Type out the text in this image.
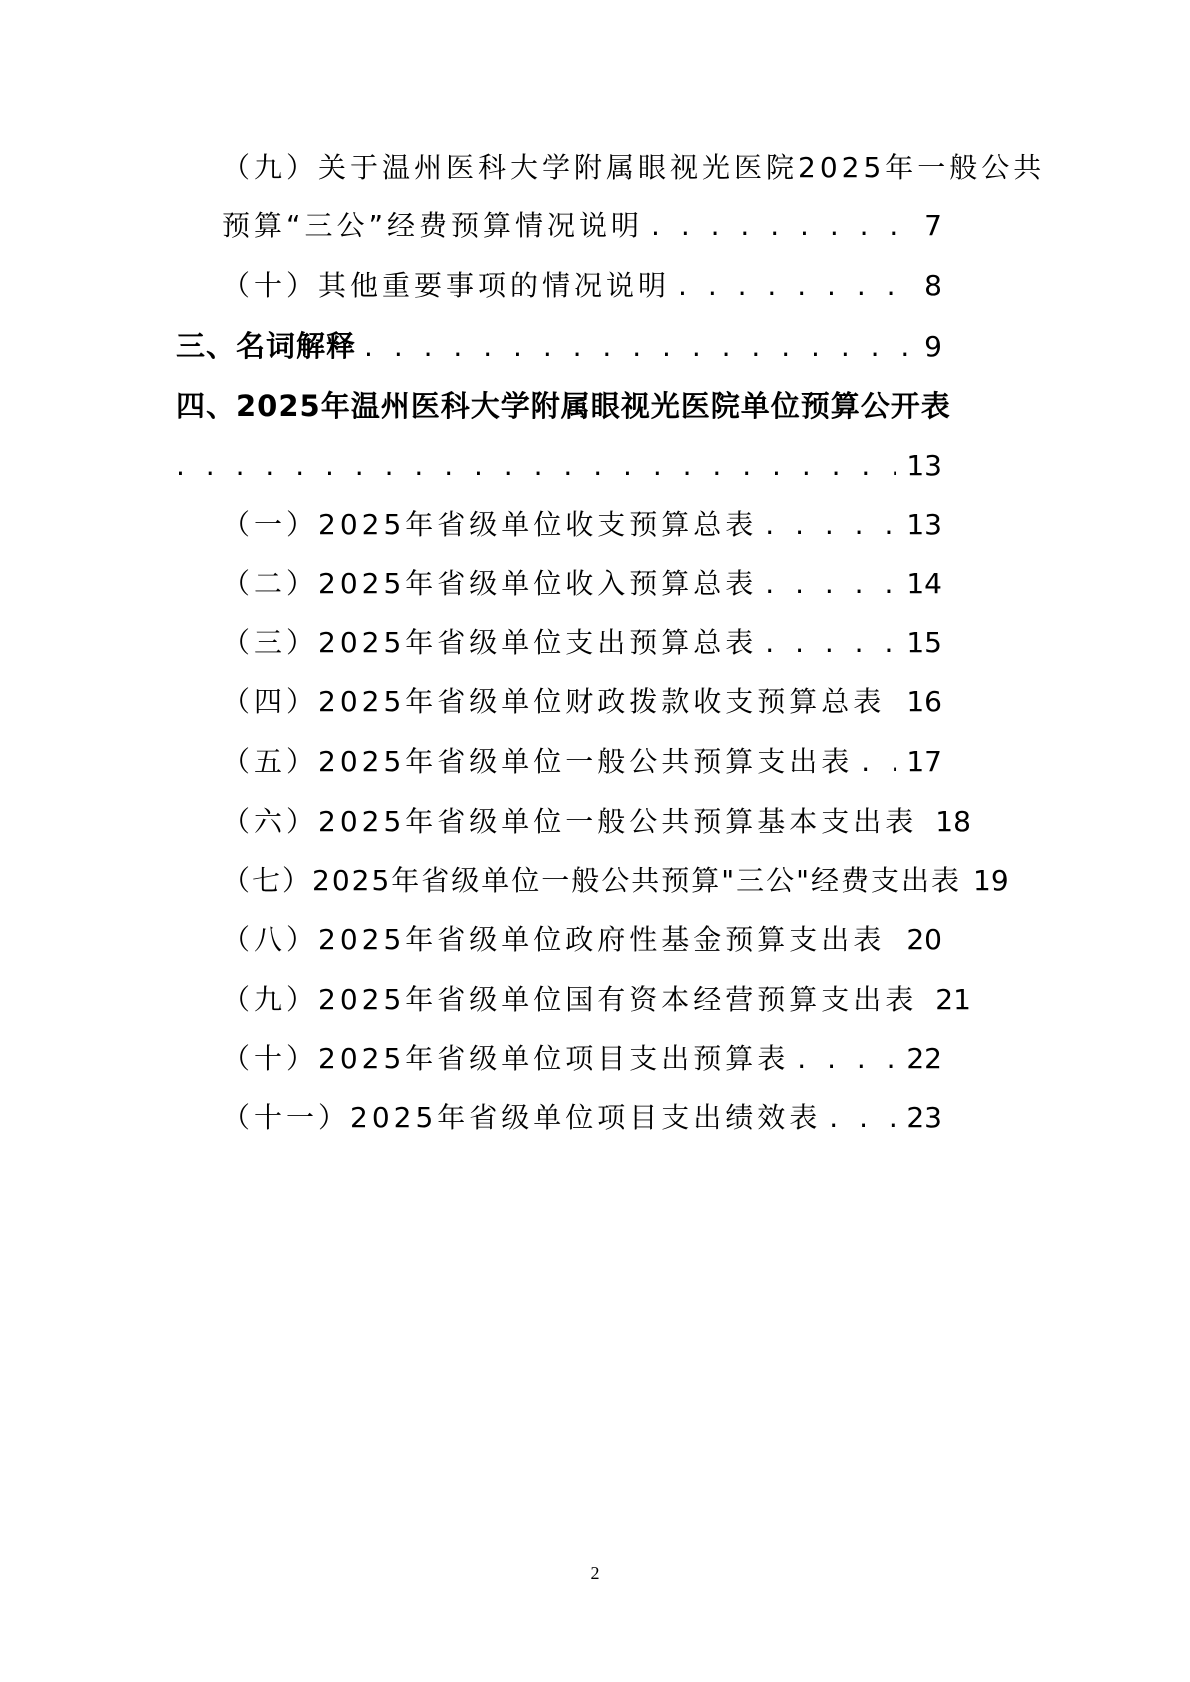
（九）关于温州医科大学附属眼视光医院2025年一般公共
预算“三公”经费预算情况说明 . . .	7
（十）其他重要事项的情况说明 . . .	8
三、名词解释 . . .	9
四、2025年温州医科大学附属眼视光医院单位预算公开表
. . .
13
（一）2025年省级单位收支预算总表 . . .	13
（二）2025年省级单位收入预算总表 . . .	14
（三）2025年省级单位支出预算总表 . . .	15
（四）2025年省级单位财政拨款收支预算总表 . . . 16
（五）2025年省级单位一般公共预算支出表 . . . 17
（六）2025年省级单位一般公共预算基本支出表 18
（七）2025年省级单位一般公共预算"三公"经费支出表 19
（八）2025年省级单位政府性基金预算支出表 . . . 20
（九）2025年省级单位国有资本经营预算支出表 21
（十）2025年省级单位项目支出预算表 . . .	22
（十一）2025年省级单位项目支出绩效表 . . .	23
2
